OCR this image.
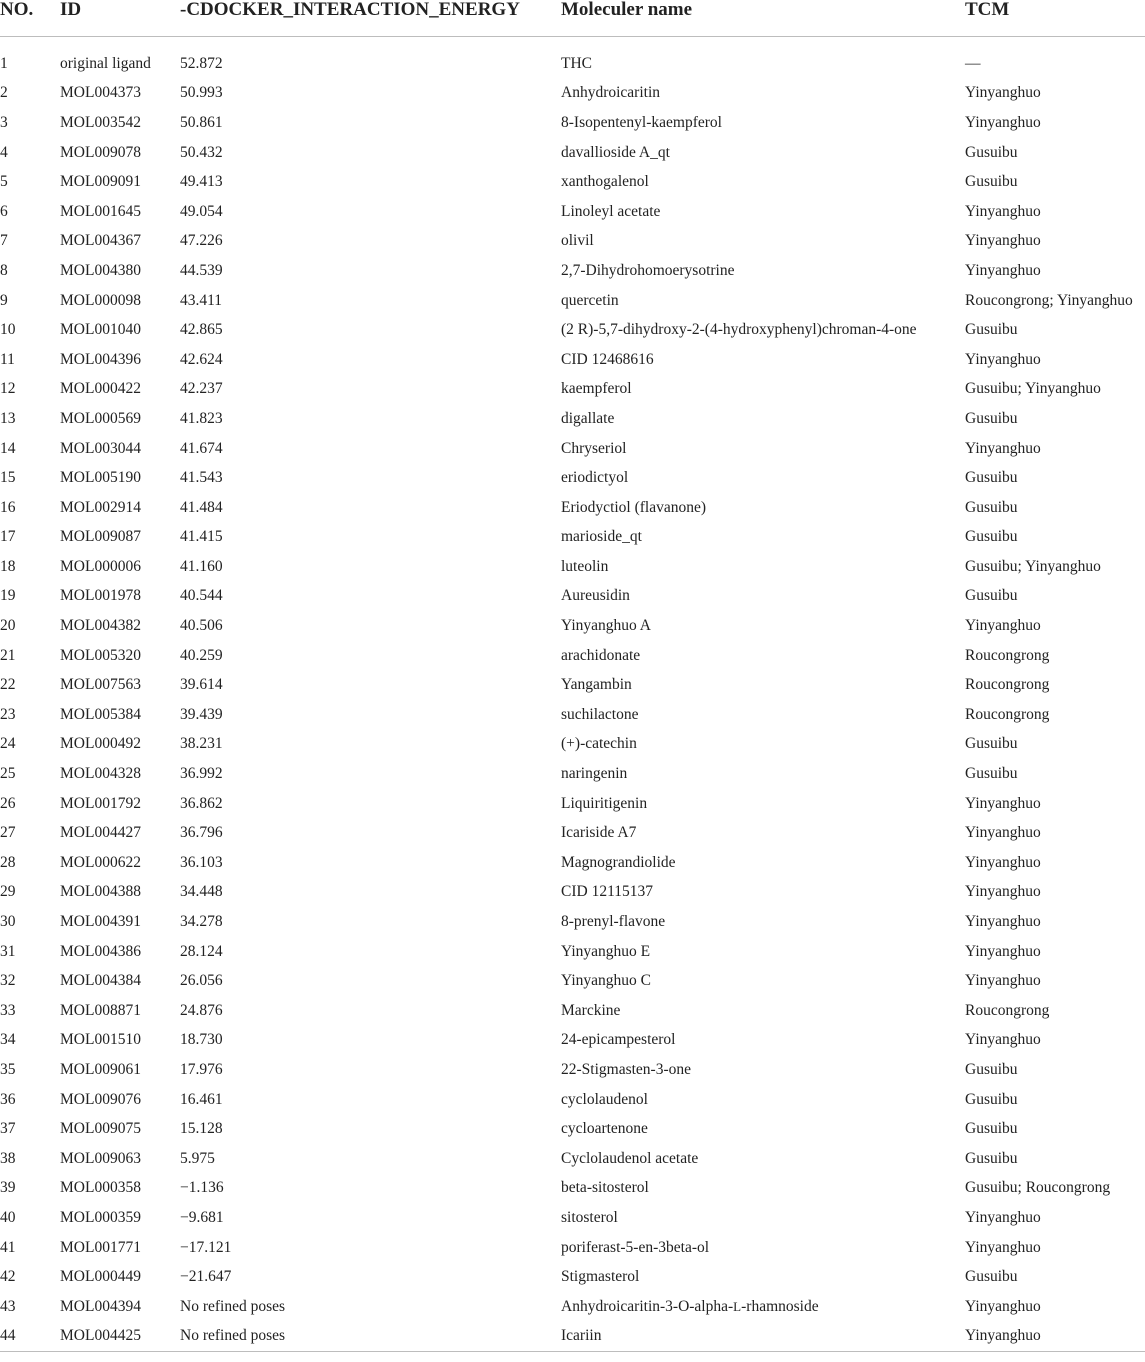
NO.	ID	-CDOCKER_INTERACTION_ENERGY	Moleculer name	TCM
1	original ligand	52.872	THC	—
2	MOL004373	50.993	Anhydroicaritin	Yinyanghuo
3	MOL003542	50.861	8-Isopentenyl-kaempferol	Yinyanghuo
4	MOL009078	50.432	davallioside A_qt	Gusuibu
5	MOL009091	49.413	xanthogalenol	Gusuibu
6	MOL001645	49.054	Linoleyl acetate	Yinyanghuo
7	MOL004367	47.226	olivil	Yinyanghuo
8	MOL004380	44.539	2,7-Dihydrohomoerysotrine	Yinyanghuo
9	MOL000098	43.411	quercetin	Roucongrong; Yinyanghuo
10	MOL001040	42.865	(2 R)-5,7-dihydroxy-2-(4-hydroxyphenyl)chroman-4-one	Gusuibu
11	MOL004396	42.624	CID 12468616	Yinyanghuo
12	MOL000422	42.237	kaempferol	Gusuibu; Yinyanghuo
13	MOL000569	41.823	digallate	Gusuibu
14	MOL003044	41.674	Chryseriol	Yinyanghuo
15	MOL005190	41.543	eriodictyol	Gusuibu
16	MOL002914	41.484	Eriodyctiol (flavanone)	Gusuibu
17	MOL009087	41.415	marioside_qt	Gusuibu
18	MOL000006	41.160	luteolin	Gusuibu; Yinyanghuo
19	MOL001978	40.544	Aureusidin	Gusuibu
20	MOL004382	40.506	Yinyanghuo A	Yinyanghuo
21	MOL005320	40.259	arachidonate	Roucongrong
22	MOL007563	39.614	Yangambin	Roucongrong
23	MOL005384	39.439	suchilactone	Roucongrong
24	MOL000492	38.231	(+)-catechin	Gusuibu
25	MOL004328	36.992	naringenin	Gusuibu
26	MOL001792	36.862	Liquiritigenin	Yinyanghuo
27	MOL004427	36.796	Icariside A7	Yinyanghuo
28	MOL000622	36.103	Magnograndiolide	Yinyanghuo
29	MOL004388	34.448	CID 12115137	Yinyanghuo
30	MOL004391	34.278	8-prenyl-flavone	Yinyanghuo
31	MOL004386	28.124	Yinyanghuo E	Yinyanghuo
32	MOL004384	26.056	Yinyanghuo C	Yinyanghuo
33	MOL008871	24.876	Marckine	Roucongrong
34	MOL001510	18.730	24-epicampesterol	Yinyanghuo
35	MOL009061	17.976	22-Stigmasten-3-one	Gusuibu
36	MOL009076	16.461	cyclolaudenol	Gusuibu
37	MOL009075	15.128	cycloartenone	Gusuibu
38	MOL009063	5.975	Cyclolaudenol acetate	Gusuibu
39	MOL000358	−1.136	beta-sitosterol	Gusuibu; Roucongrong
40	MOL000359	−9.681	sitosterol	Yinyanghuo
41	MOL001771	−17.121	poriferast-5-en-3beta-ol	Yinyanghuo
42	MOL000449	−21.647	Stigmasterol	Gusuibu
43	MOL004394	No refined poses	Anhydroicaritin-3-O-alpha-L-rhamnoside	Yinyanghuo
44	MOL004425	No refined poses	Icariin	Yinyanghuo
